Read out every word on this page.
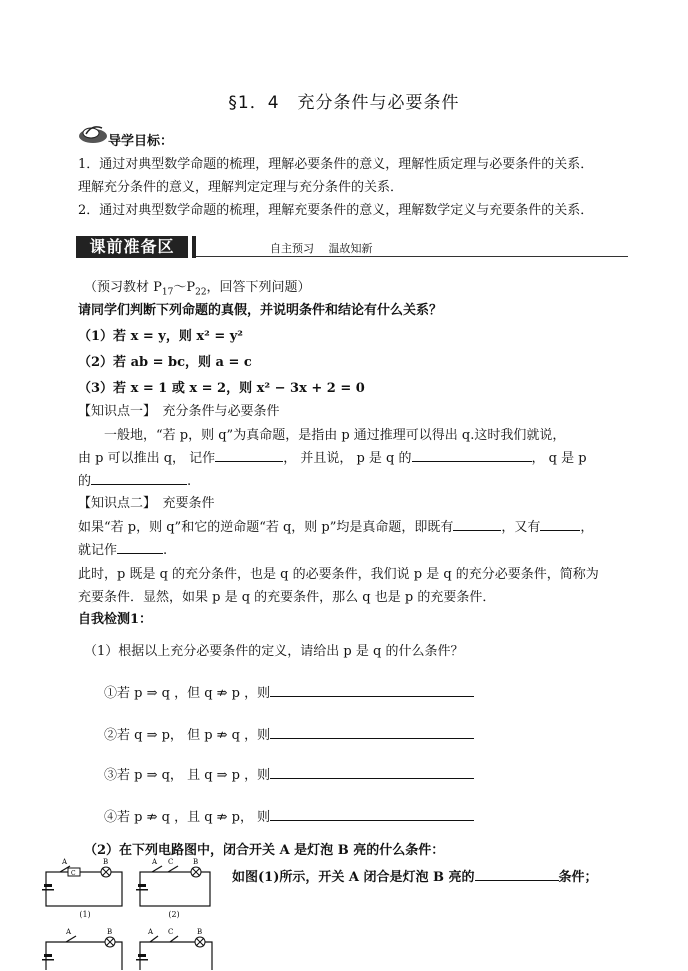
§1．4　充分条件与必要条件
导学目标：
1．通过对典型数学命题的梳理，理解必要条件的意义，理解性质定理与必要条件的关系．
理解充分条件的意义，理解判定定理与充分条件的关系．
2．通过对典型数学命题的梳理，理解充要条件的意义，理解数学定义与充要条件的关系．
课前准备区	自主预习　 温故知新
（预习教材 $P_{17}\sim P_{22}$，回答下列问题）
请同学们判断下列命题的真假，并说明条件和结论有什么关系？
（1）若 x = y，则 x² = y²
（2）若 ab = bc，则 a = c
（3）若 x = 1 或 x = 2，则 x² − 3x + 2 = 0
【知识点一】　充分条件与必要条件
一般地，“若 p，则 q”为真命题，是指由 p 通过推理可以得出 q.这时我们就说，
由 p 可以推出 q， 记作	， 并且说， p 是 q 的	， q 是 p
的	.
【知识点二】　充要条件
如果“若 p，则 q”和它的逆命题“若 q，则 p”均是真命题，即既有	，又有	，
就记作	.
此时，p 既是 q 的充分条件，也是 q 的必要条件，我们说 p 是 q 的充分必要条件，简称为
充要条件．显然，如果 p 是 q 的充要条件，那么 q 也是 p 的充要条件．
自我检测1：
（1）根据以上充分必要条件的定义，请给出 p 是 q 的什么条件？
①若 p ⇒ q ，但 q ⇏ p ，则
②若 q ⇒ p， 但 p ⇏ q ，则
③若 p ⇒ q， 且 q ⇒ p ，则
④若 p ⇏ q ，且 q ⇏ p， 则
（2）在下列电路图中，闭合开关 A 是灯泡 B 亮的什么条件：
如图(1)所示，开关 A 闭合是灯泡 B 亮的	条件；
A
C
B
(1)
A C	B
(2)
A	B	A C	B
